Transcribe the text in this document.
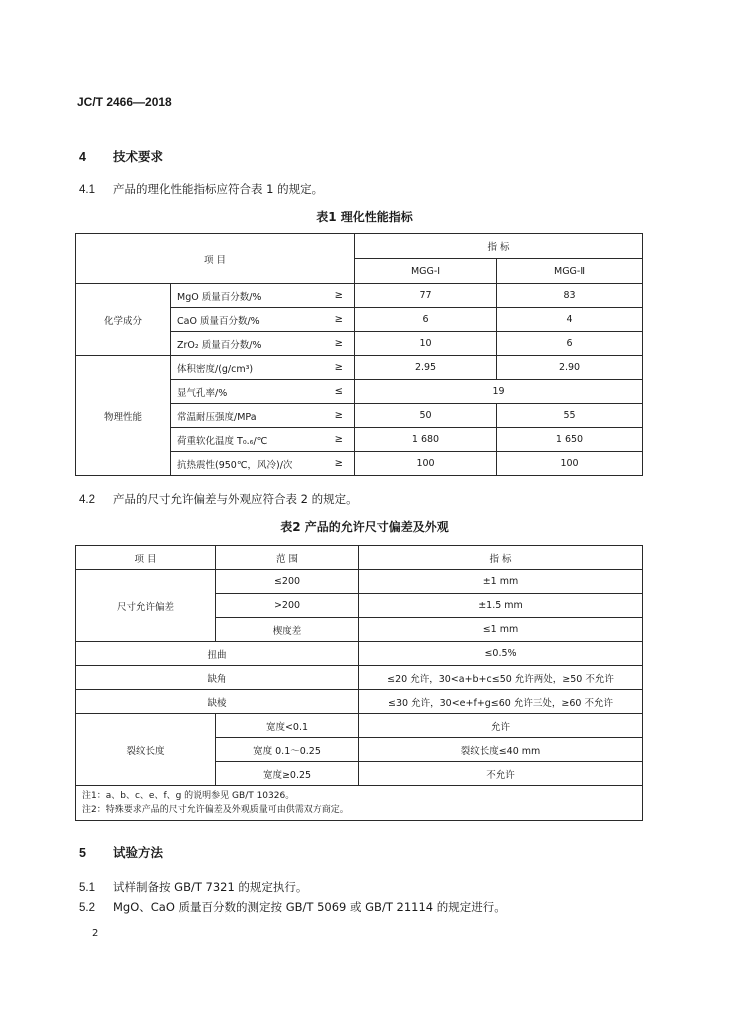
JC/T 2466—2018
4 技术要求
4.1 产品的理化性能指标应符合表 1 的规定。
表1 理化性能指标
项 目			指 标	
			MGG-Ⅰ	MGG-Ⅱ
化学成分	MgO 质量百分数/%	≥	77	83
	CaO 质量百分数/%	≥	6	4
	ZrO₂ 质量百分数/%	≥	10	6
物理性能	体积密度/(g/cm³)	≥	2.95	2.90
	显气孔率/%	≤	19	
	常温耐压强度/MPa	≥	50	55
	荷重软化温度 T₀.₆/℃	≥	1 680	1 650
	抗热震性(950℃，风冷)/次	≥	100	100
4.2 产品的尺寸允许偏差与外观应符合表 2 的规定。
表2 产品的允许尺寸偏差及外观
项 目	范 围	指 标
尺寸允许偏差	≤200	±1 mm
	>200	±1.5 mm
	楔度差	≤1 mm
扭曲		≤0.5%
缺角		≤20 允许，30<a+b+c≤50 允许两处，≥50 不允许
缺棱		≤30 允许，30<e+f+g≤60 允许三处，≥60 不允许
裂纹长度	宽度<0.1	允许
	宽度 0.1～0.25	裂纹长度≤40 mm
	宽度≥0.25	不允许

注1：a、b、c、e、f、g 的说明参见 GB/T 10326。
注2：特殊要求产品的尺寸允许偏差及外观质量可由供需双方商定。		
5 试验方法
5.1 试样制备按 GB/T 7321 的规定执行。
5.2 MgO、CaO 质量百分数的测定按 GB/T 5069 或 GB/T 21114 的规定进行。
2
